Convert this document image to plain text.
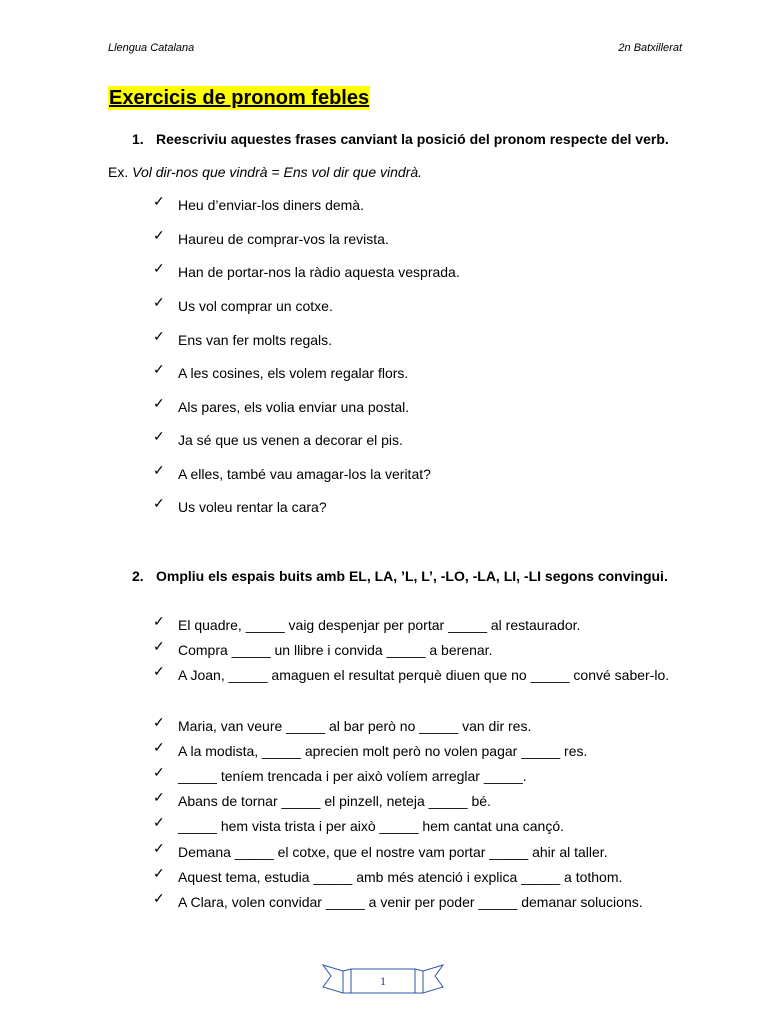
Llengua Catalana	2n Batxillerat
Exercicis de pronom febles
1. Reescriviu aquestes frases canviant la posició del pronom respecte del verb.
Ex. Vol dir-nos que vindrà = Ens vol dir que vindrà.
✓ Heu d’enviar-los diners demà.
✓ Haureu de comprar-vos la revista.
✓ Han de portar-nos la ràdio aquesta vesprada.
✓ Us vol comprar un cotxe.
✓ Ens van fer molts regals.
✓ A les cosines, els volem regalar flors.
✓ Als pares, els volia enviar una postal.
✓ Ja sé que us venen a decorar el pis.
✓ A elles, també vau amagar-los la veritat?
✓ Us voleu rentar la cara?
2. Ompliu els espais buits amb EL, LA, ’L, L’, -LO, -LA, LI, -LI segons convingui.
✓ El quadre, _____ vaig despenjar per portar _____ al restaurador.
✓ Compra _____ un llibre i convida _____ a berenar.
✓ A Joan, _____ amaguen el resultat perquè diuen que no _____ convé saber-lo.
✓ Maria, van veure _____ al bar però no _____ van dir res.
✓ A la modista, _____ aprecien molt però no volen pagar _____ res.
✓ _____ teníem trencada i per això volíem arreglar _____.
✓ Abans de tornar _____ el pinzell, neteja _____ bé.
✓ _____ hem vista trista i per això _____ hem cantat una cançó.
✓ Demana _____ el cotxe, que el nostre vam portar _____ ahir al taller.
✓ Aquest tema, estudia _____ amb més atenció i explica _____ a tothom.
✓ A Clara, volen convidar _____ a venir per poder _____ demanar solucions.
1
